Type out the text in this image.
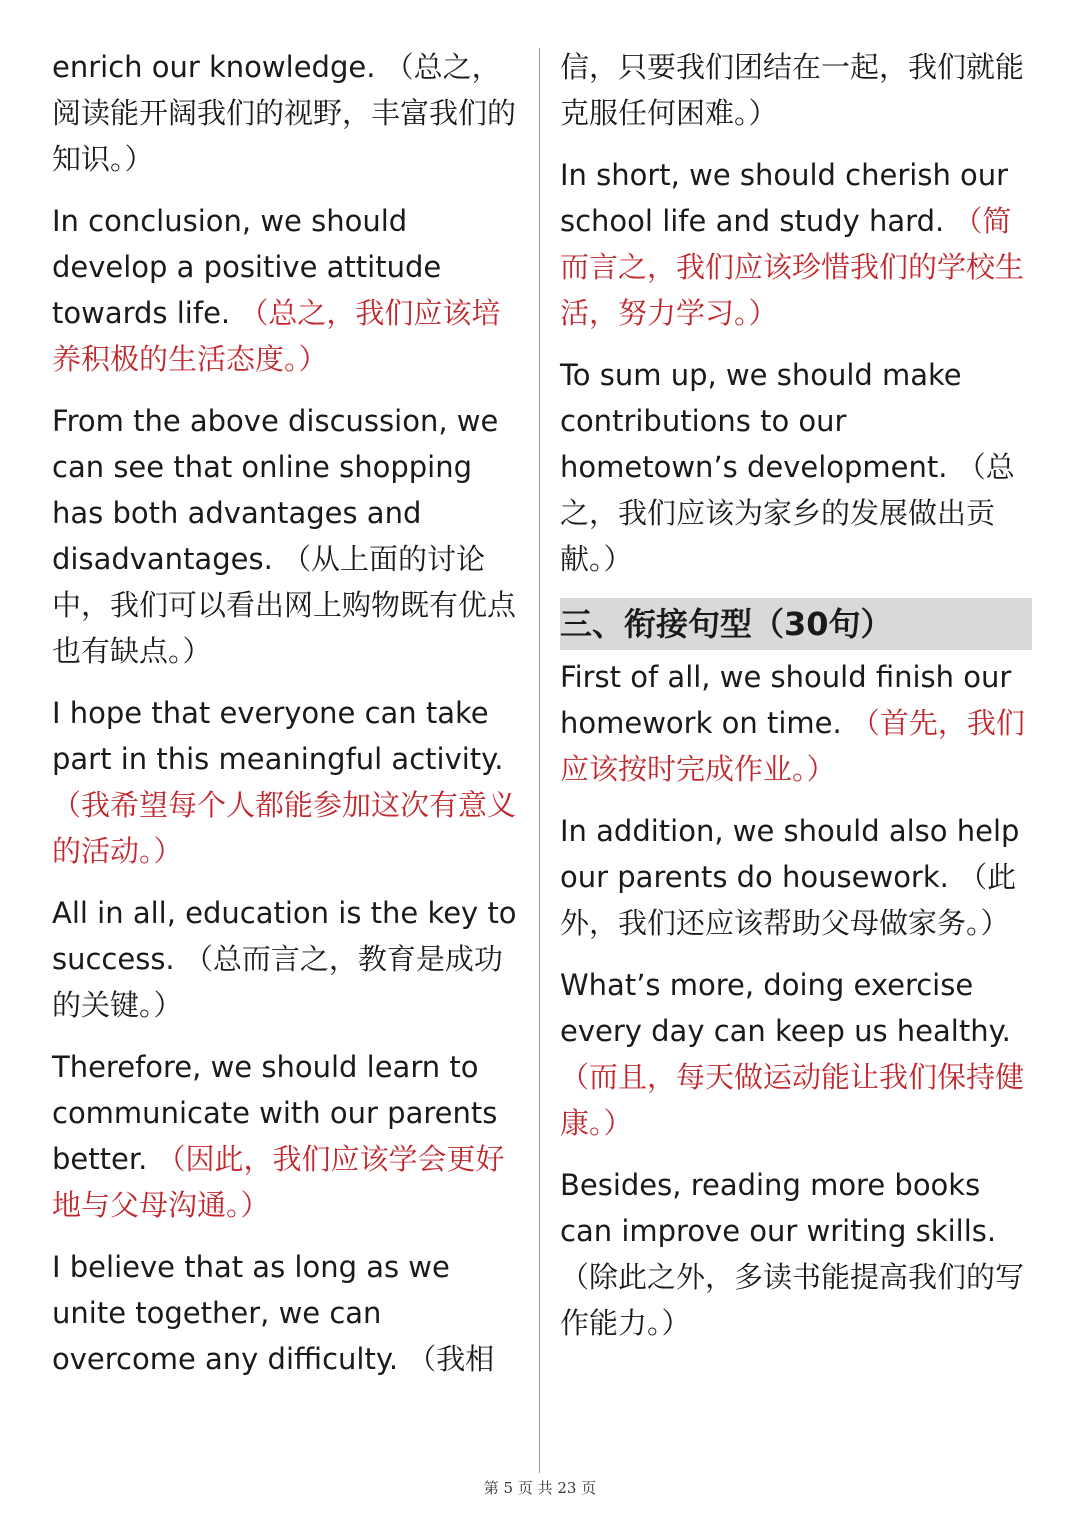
enrich our knowledge. （总之，阅读能开阔我们的视野，丰富我们的知识。）

In conclusion, we should develop a positive attitude towards life. （总之，我们应该培养积极的生活态度。）

From the above discussion, we can see that online shopping has both advantages and disadvantages. （从上面的讨论中，我们可以看出网上购物既有优点也有缺点。）

I hope that everyone can take part in this meaningful activity. （我希望每个人都能参加这次有意义的活动。）

All in all, education is the key to success. （总而言之，教育是成功的关键。）

Therefore, we should learn to communicate with our parents better. （因此，我们应该学会更好地与父母沟通。）

I believe that as long as we unite together, we can overcome any difficulty. （我相

信，只要我们团结在一起，我们就能克服任何困难。）

In short, we should cherish our school life and study hard. （简而言之，我们应该珍惜我们的学校生活，努力学习。）

To sum up, we should make contributions to our hometown’s development. （总之，我们应该为家乡的发展做出贡献。）

三、衔接句型（30句）

First of all, we should finish our homework on time. （首先，我们应该按时完成作业。）

In addition, we should also help our parents do housework. （此外，我们还应该帮助父母做家务。）

What’s more, doing exercise every day can keep us healthy. （而且，每天做运动能让我们保持健康。）

Besides, reading more books can improve our writing skills. （除此之外，多读书能提高我们的写作能力。）

第 5 页 共 23 页
